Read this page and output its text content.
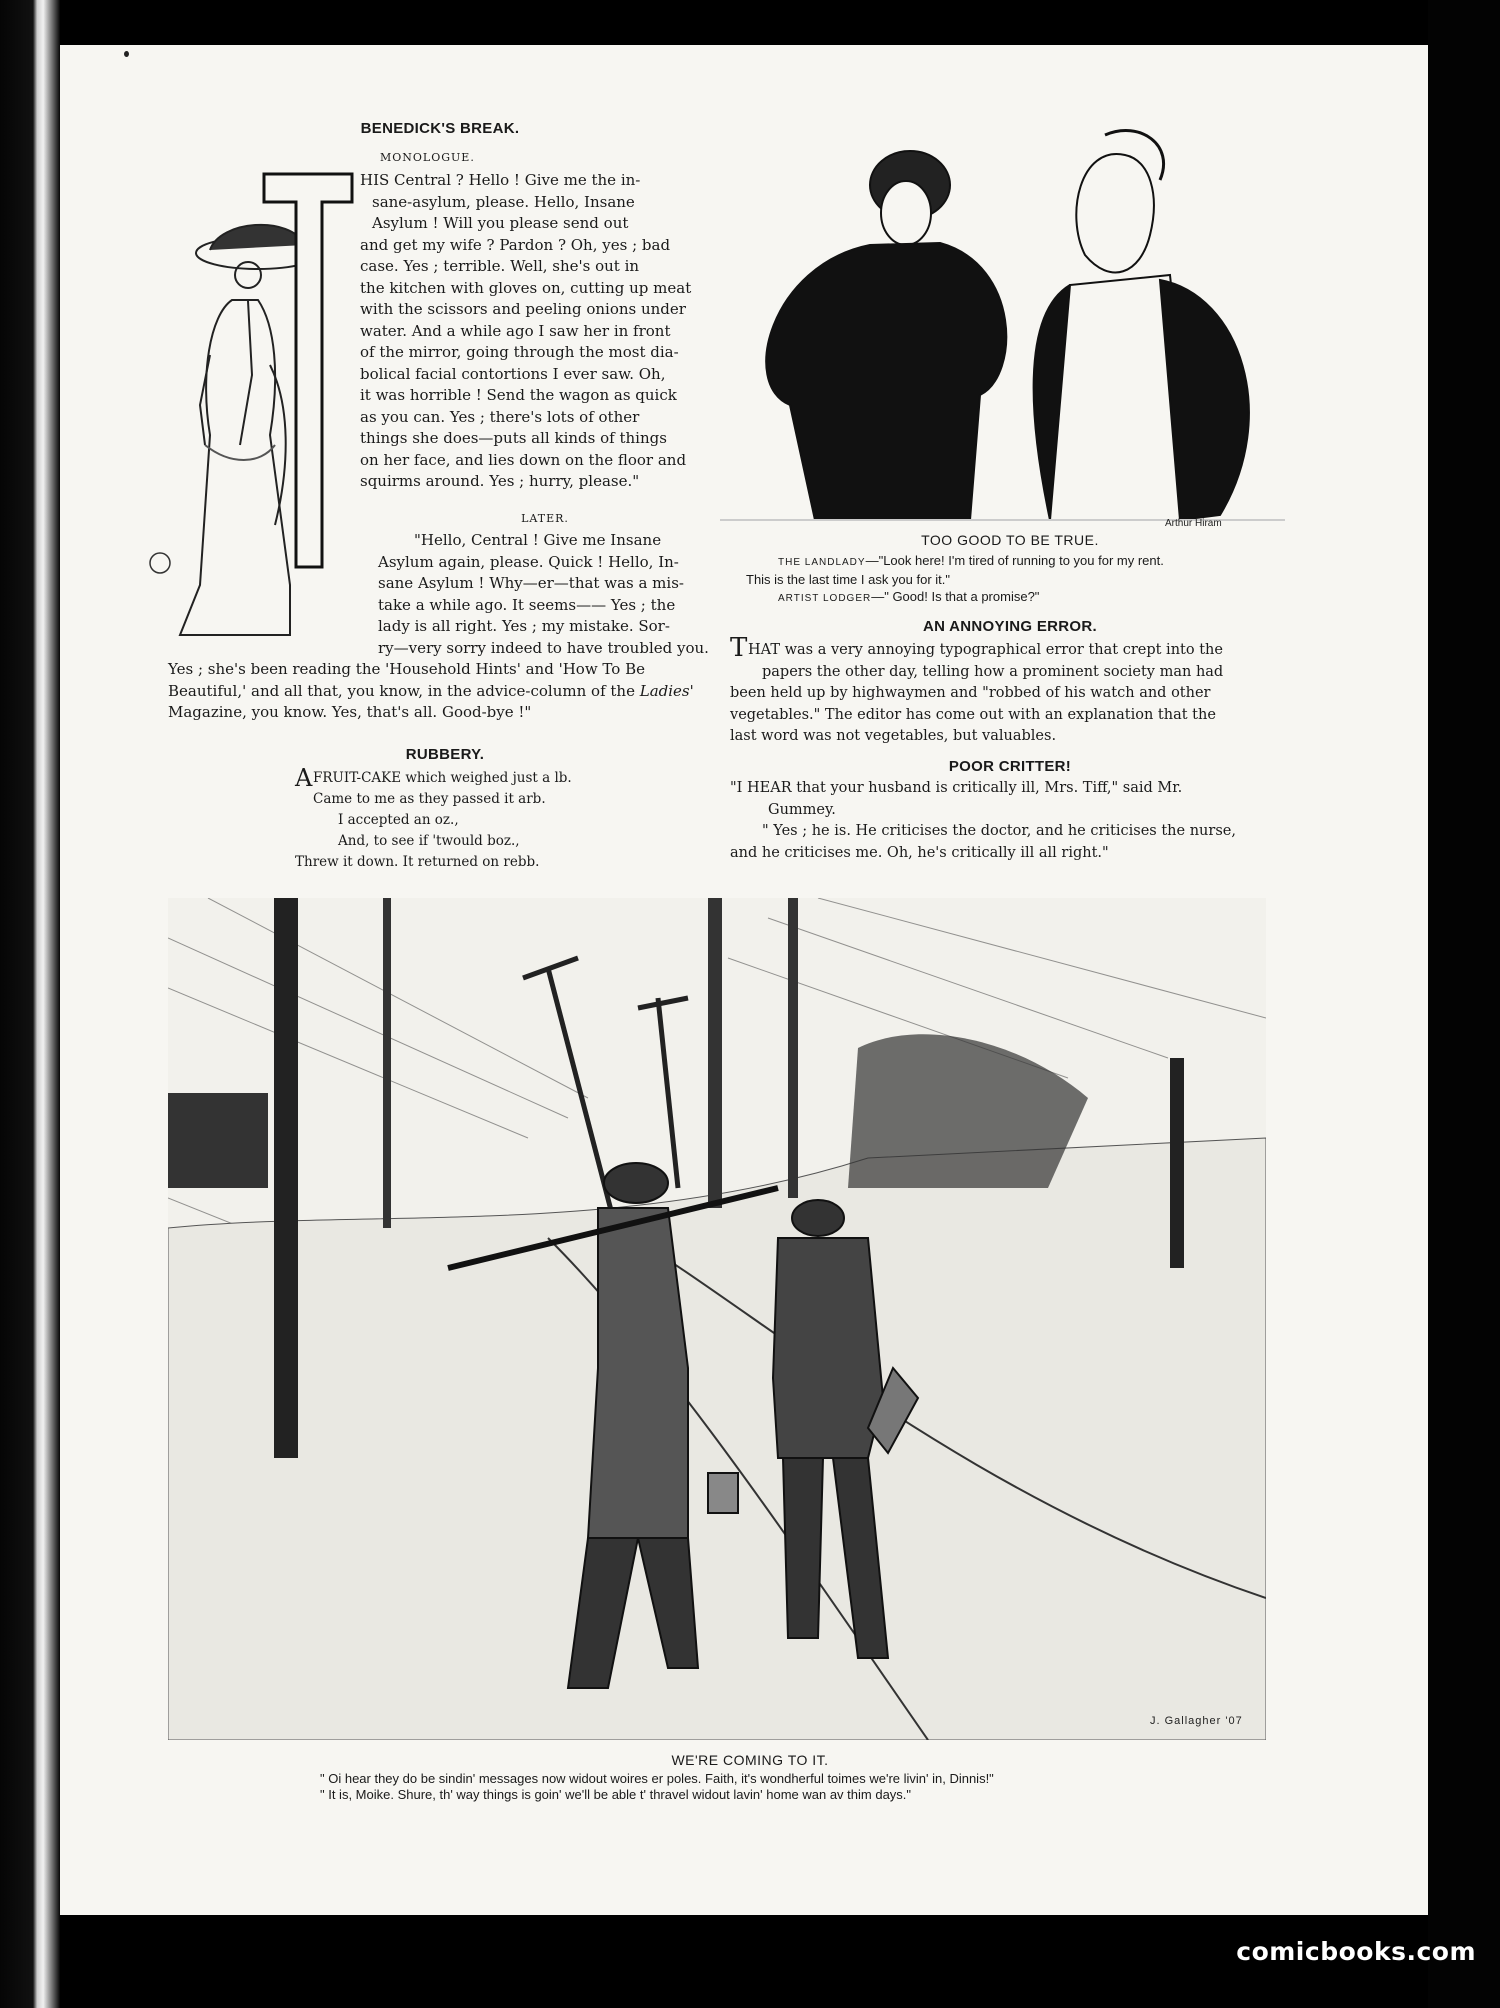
BENEDICK'S BREAK.
MONOLOGUE.
HIS Central ? Hello ! Give me the in-
sane-asylum, please. Hello, Insane
Asylum ! Will you please send out
and get my wife ? Pardon ? Oh, yes ; bad
case. Yes ; terrible. Well, she's out in
the kitchen with gloves on, cutting up meat
with the scissors and peeling onions under
water. And a while ago I saw her in front
of the mirror, going through the most dia-
bolical facial contortions I ever saw. Oh,
it was horrible ! Send the wagon as quick
as you can. Yes ; there's lots of other
things she does—puts all kinds of things
on her face, and lies down on the floor and
squirms around. Yes ; hurry, please."
LATER.
"Hello, Central ! Give me Insane
Asylum again, please. Quick ! Hello, In-
sane Asylum ! Why—er—that was a mis-
take a while ago. It seems—— Yes ; the
lady is all right. Yes ; my mistake. Sor-
ry—very sorry indeed to have troubled you.
Yes ; she's been reading the 'Household Hints' and 'How To Be
Beautiful,' and all that, you know, in the advice-column of the Ladies'
Magazine, you know. Yes, that's all. Good-bye !"
RUBBERY.
A FRUIT-CAKE which weighed just a lb.
Came to me as they passed it arb.
I accepted an oz.,
And, to see if 'twould boz.,
Threw it down. It returned on rebb.
Arthur Hiram
TOO GOOD TO BE TRUE.
THE LANDLADY—"Look here! I'm tired of running to you for my rent.
This is the last time I ask you for it."
ARTIST LODGER—" Good! Is that a promise?"
AN ANNOYING ERROR.
T HAT was a very annoying typographical error that crept into the
papers the other day, telling how a prominent society man had
been held up by highwaymen and "robbed of his watch and other
vegetables." The editor has come out with an explanation that the
last word was not vegetables, but valuables.
POOR CRITTER!
"I HEAR that your husband is critically ill, Mrs. Tiff," said Mr.
Gummey.
" Yes ; he is. He criticises the doctor, and he criticises the nurse,
and he criticises me. Oh, he's critically ill all right."
J. Gallagher '07
WE'RE COMING TO IT.
" Oi hear they do be sindin' messages now widout woires er poles. Faith, it's wondherful toimes we're livin' in, Dinnis!"
" It is, Moike. Shure, th' way things is goin' we'll be able t' thravel widout lavin' home wan av thim days."
comicbooks.com
